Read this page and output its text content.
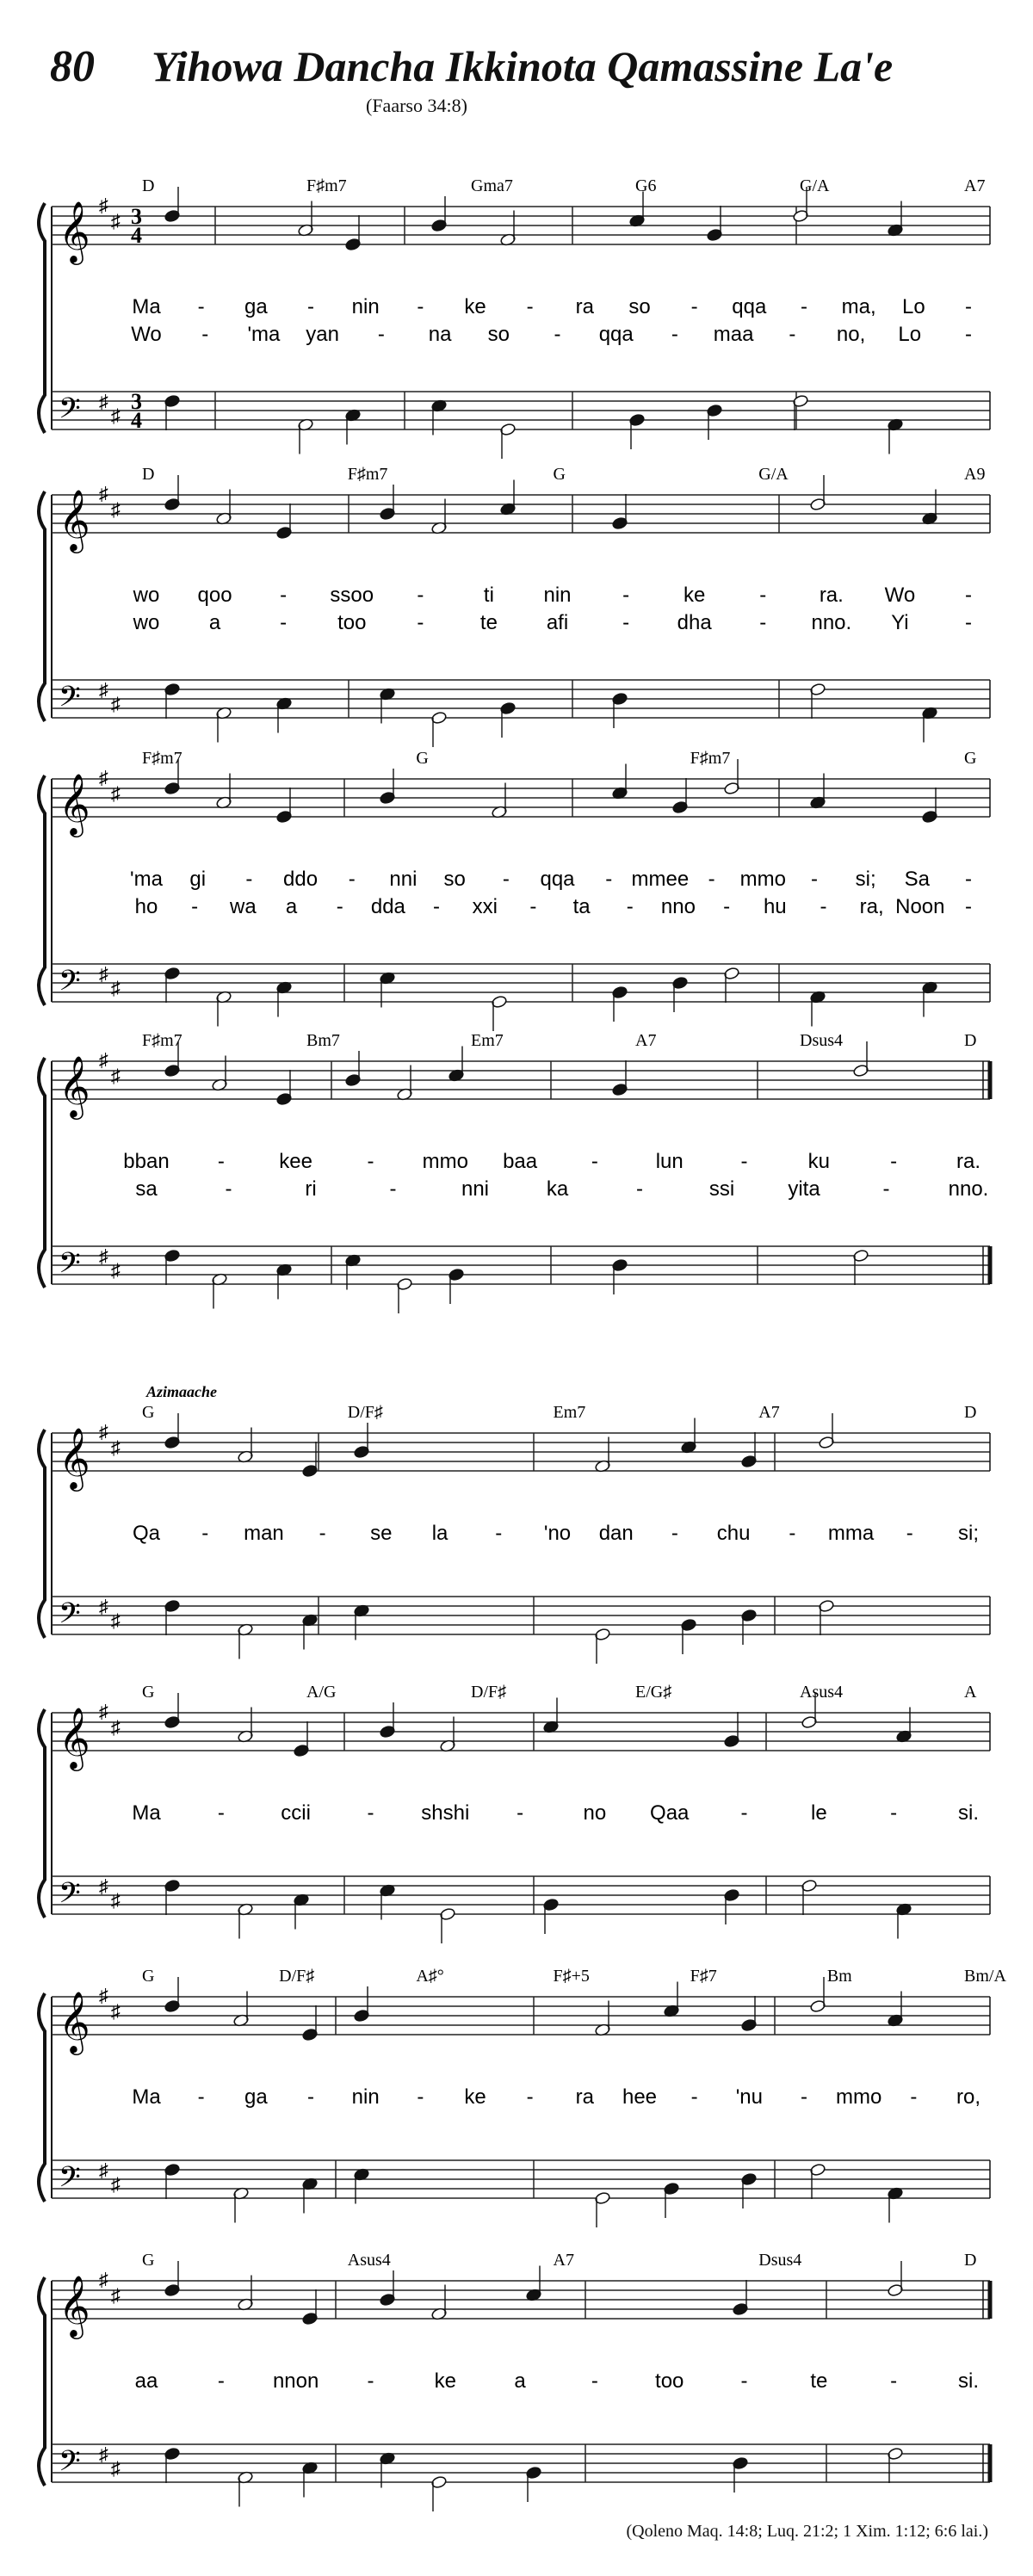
80 Yihowa Dancha Ikkinota Qamassine La'e
(Faarso 34:8)
𝄞 ♯
♯ 3
4
𝄢 ♯
♯
3
4
D	F♯m7	Gma7	G6	G/A	A7
Ma - ga - nin - ke - ra so - qqa - ma, Lo -
Wo - 'ma yan - na so - qqa - maa - no, Lo -
𝄞 ♯
♯
𝄢 ♯
♯
D	F♯m7	G	G/A	A9
wo qoo - ssoo -	ti nin -	ke	-	ra. Wo -
wo a	- too -	te afi	- dha - nno. Yi	-
𝄞 ♯
♯
𝄢 ♯
♯
F♯m7	G	F♯m7	G
'ma gi - ddo - nni so - qqa - mmee - mmo - si; Sa -
ho - wa a - dda - xxi - ta - nno - hu - ra, Noon -
𝄞 ♯
♯
𝄢 ♯
♯
F♯m7	Bm7	Em7	A7	Dsus4	D
bban -	kee	- mmo baa	-	lun	-	ku	-	ra.
sa	-	ri	-	nni	ka	-	ssi	yita	-	nno.
𝄞 ♯
♯
𝄢 ♯
♯
Azimaache
G	D/F♯	Em7	A7	D
Qa - man - se la - 'no dan - chu - mma - si;
𝄞 ♯
♯
𝄢 ♯
♯
G	A/G	D/F♯	E/G♯	Asus4	A
Ma	-	ccii	- shshi -	no Qaa	-	le	-	si.
𝄞 ♯
♯
𝄢 ♯
♯
G	D/F♯	A♯°	F♯+5	F♯7	Bm	Bm/A
Ma - ga - nin - ke - ra hee - 'nu - mmo - ro,
𝄞 ♯
♯
𝄢 ♯
♯
G	Asus4	A7	Dsus4	D
aa	- nnon -	ke	a	-	too	-	te	-	si.
(Qoleno Maq. 14:8; Luq. 21:2; 1 Xim. 1:12; 6:6 lai.)
